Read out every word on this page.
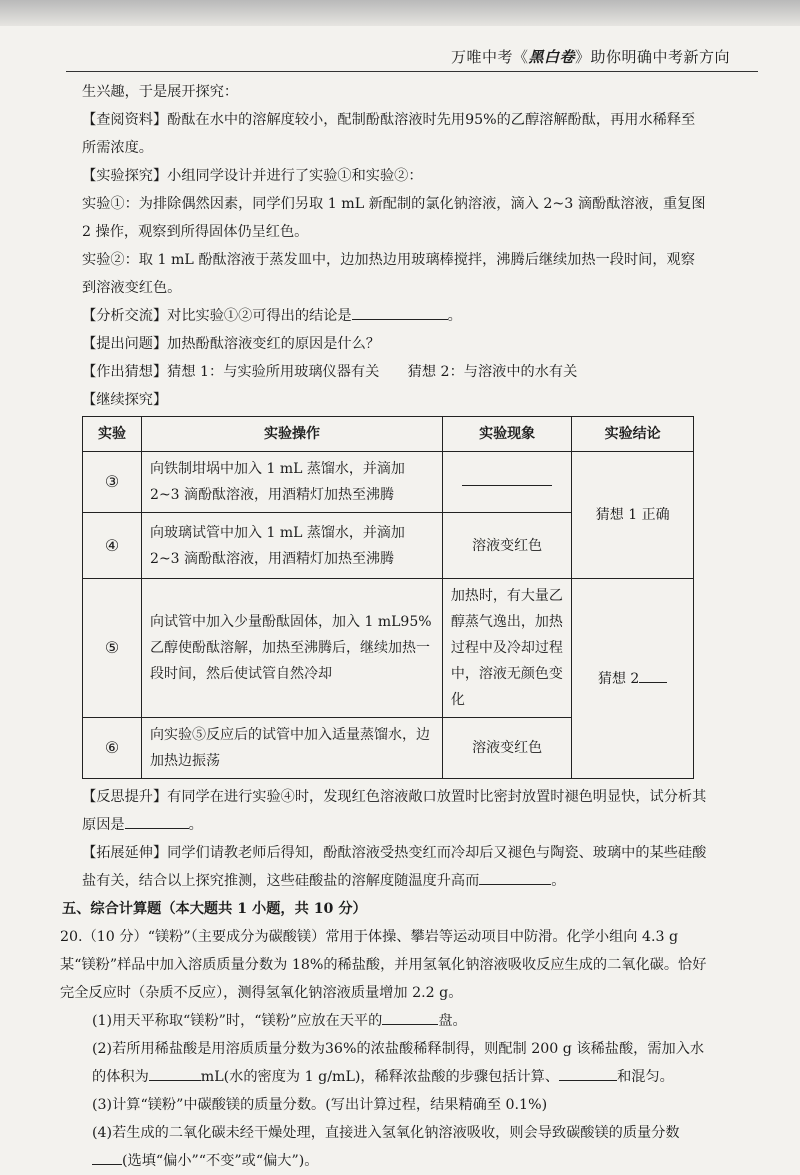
万唯中考《黑白卷》助你明确中考新方向

生兴趣，于是展开探究：

【查阅资料】酚酞在水中的溶解度较小，配制酚酞溶液时先用95%的乙醇溶解酚酞，再用水稀释至所需浓度。

【实验探究】小组同学设计并进行了实验①和实验②：

实验①：为排除偶然因素，同学们另取 1 mL 新配制的氯化钠溶液，滴入 2~3 滴酚酞溶液，重复图 2 操作，观察到所得固体仍呈红色。

实验②：取 1 mL 酚酞溶液于蒸发皿中，边加热边用玻璃棒搅拌，沸腾后继续加热一段时间，观察到溶液变红色。

【分析交流】对比实验①②可得出的结论是	。

【提出问题】加热酚酞溶液变红的原因是什么？

【作出猜想】猜想 1：与实验所用玻璃仪器有关　　猜想 2：与溶液中的水有关

【继续探究】

实验	实验操作	实验现象	实验结论
③	向铁制坩埚中加入 1 mL 蒸馏水，并滴加 2~3 滴酚酞溶液，用酒精灯加热至沸腾		猜想 1 正确
④	向玻璃试管中加入 1 mL 蒸馏水，并滴加 2~3 滴酚酞溶液，用酒精灯加热至沸腾	溶液变红色	
⑤	向试管中加入少量酚酞固体，加入 1 mL95%乙醇使酚酞溶解，加热至沸腾后，继续加热一段时间，然后使试管自然冷却	加热时，有大量乙醇蒸气逸出，加热过程中及冷却过程中，溶液无颜色变化	猜想 2
⑥	向实验⑤反应后的试管中加入适量蒸馏水，边加热边振荡	溶液变红色	

【反思提升】有同学在进行实验④时，发现红色溶液敞口放置时比密封放置时褪色明显快，试分析其原因是	。

【拓展延伸】同学们请教老师后得知，酚酞溶液受热变红而冷却后又褪色与陶瓷、玻璃中的某些硅酸盐有关，结合以上探究推测，这些硅酸盐的溶解度随温度升高而	。

五、综合计算题（本大题共 1 小题，共 10 分）

20.（10 分）“镁粉”（主要成分为碳酸镁）常用于体操、攀岩等运动项目中防滑。化学小组向 4.3 g 某“镁粉”样品中加入溶质质量分数为 18%的稀盐酸，并用氢氧化钠溶液吸收反应生成的二氧化碳。恰好完全反应时（杂质不反应），测得氢氧化钠溶液质量增加 2.2 g。

(1)用天平称取“镁粉”时，“镁粉”应放在天平的	盘。

(2)若所用稀盐酸是用溶质质量分数为36%的浓盐酸稀释制得，则配制 200 g 该稀盐酸，需加入水的体积为	mL(水的密度为 1 g/mL)，稀释浓盐酸的步骤包括计算、	和混匀。

(3)计算“镁粉”中碳酸镁的质量分数。(写出计算过程，结果精确至 0.1%)

(4)若生成的二氧化碳未经干燥处理，直接进入氢氧化钠溶液吸收，则会导致碳酸镁的质量分数(选填“偏小”“不变”或“偏大”)。
